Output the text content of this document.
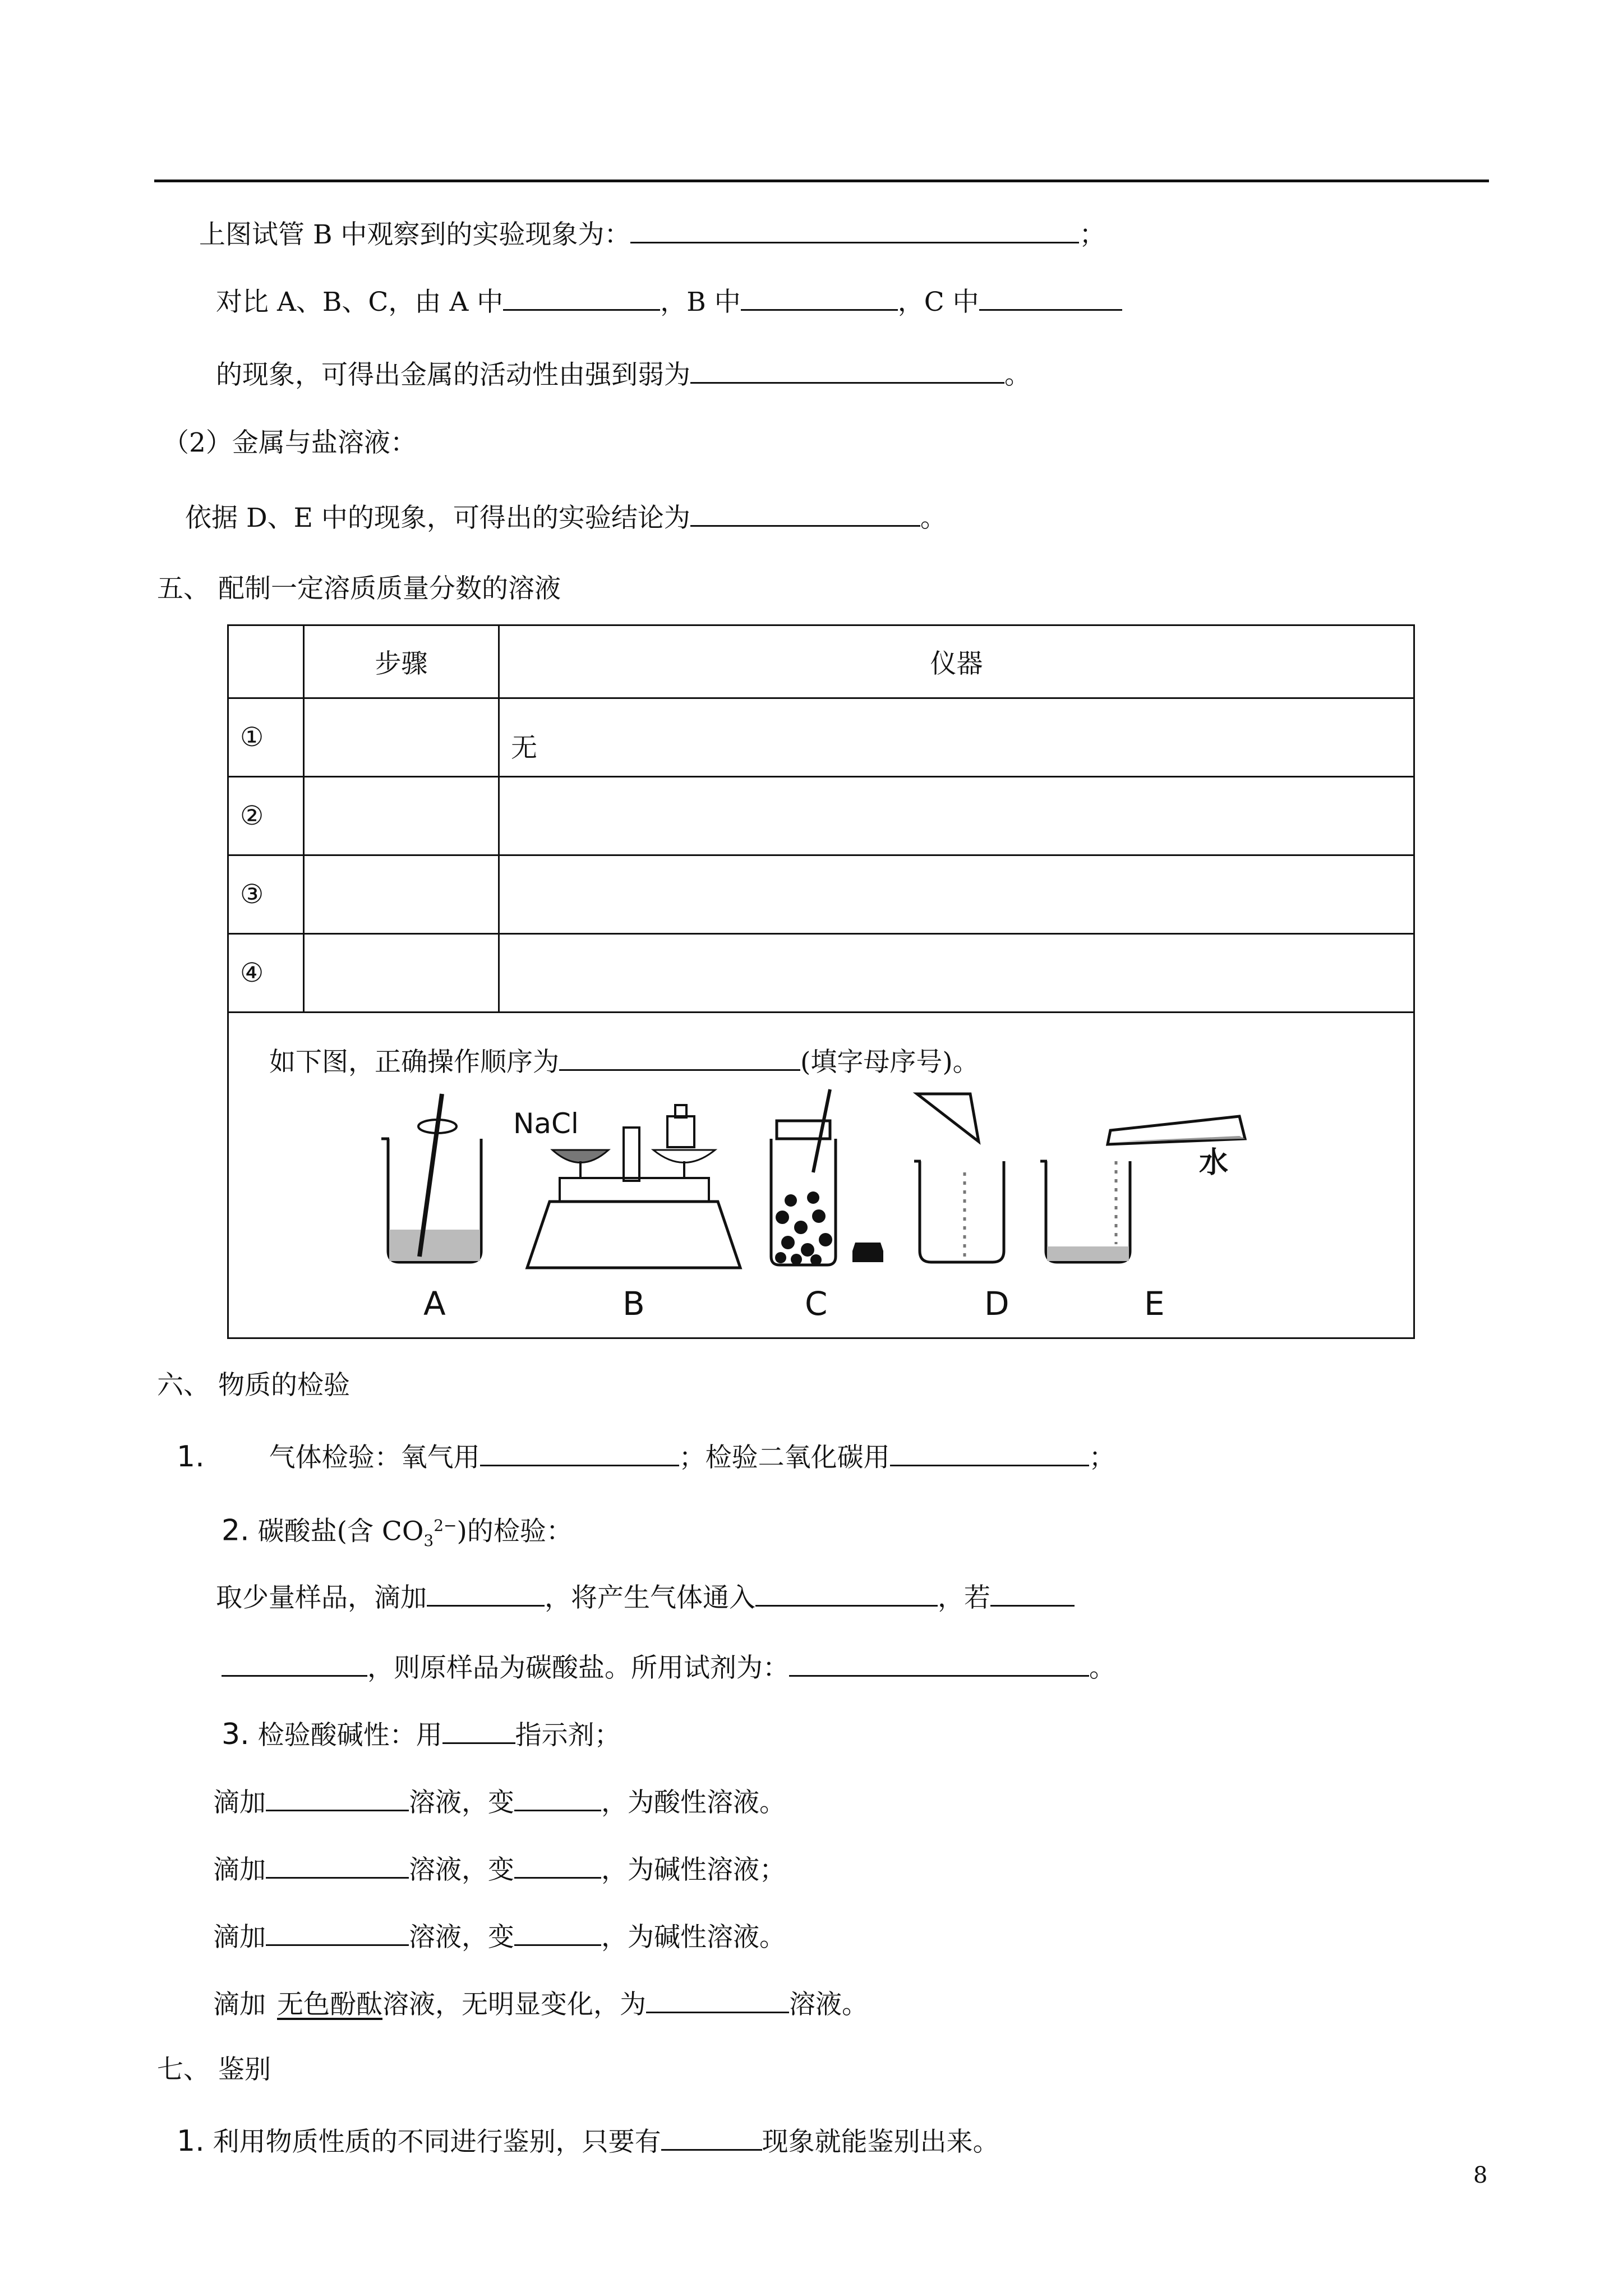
上图试管 B 中观察到的实验现象为：	；
对比 A、B、C，由 A 中	，B 中	，C 中
的现象，可得出金属的活动性由强到弱为	。
（2）金属与盐溶液：
依据 D、E 中的现象，可得出的实验结论为	。
五、 配制一定溶质质量分数的溶液
	步骤	仪器
①		无
②		
③		
④		

如下图，正确操作顺序为	(填字母序号)。
NaCl
水
A	B	C	D	E
六、 物质的检验
1. 气体检验：氧气用	；检验二氧化碳用	；
2. 碳酸盐(含 $CO_3^{2-}$)的检验：
取少量样品，滴加	，将产生气体通入	，若
，则原样品为碳酸盐。所用试剂为：	。
3. 检验酸碱性：用	指示剂；
滴加	溶液，变	，为酸性溶液。
滴加	溶液，变	，为碱性溶液；
滴加	溶液，变	，为碱性溶液。
滴加 无色酚酞溶液，无明显变化，为	溶液。
七、 鉴别
1. 利用物质性质的不同进行鉴别，只要有	现象就能鉴别出来。
8
